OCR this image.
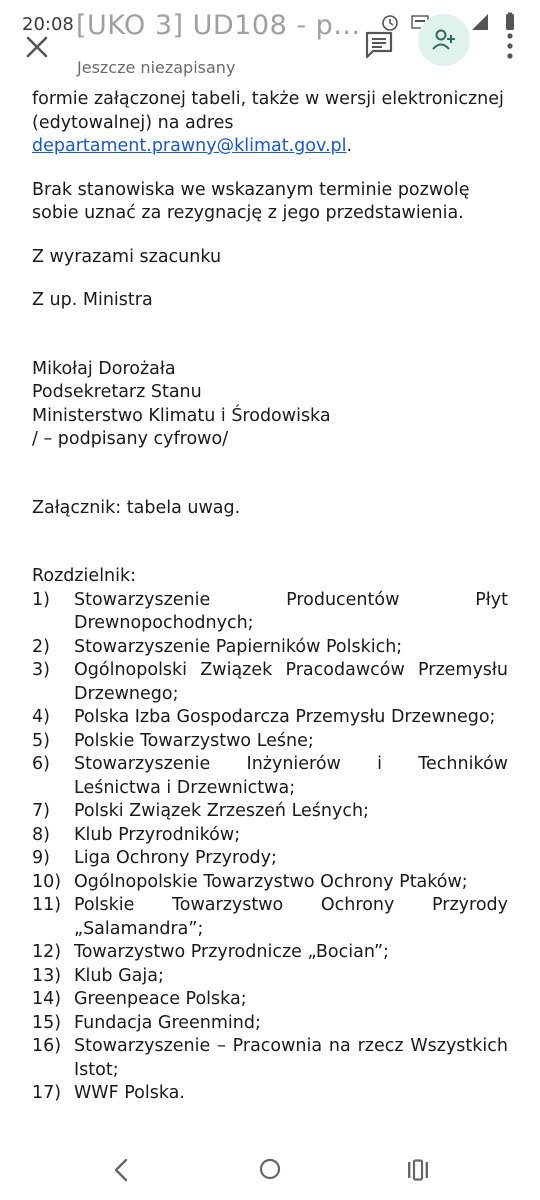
20:08 [UKO 3] UD108 - p...
Jeszcze niezapisany

formie załączonej tabeli, także w wersji elektronicznej (edytowalnej) na adres departament.prawny@klimat.gov.pl.

Brak stanowiska we wskazanym terminie pozwolę sobie uznać za rezygnację z jego przedstawienia.

Z wyrazami szacunku

Z up. Ministra

Mikołaj Dorożała

Podsekretarz Stanu

Ministerstwo Klimatu i Środowiska

/ – podpisany cyfrowo/

Załącznik: tabela uwag.

Rozdzielnik:

1)	Stowarzyszenie Producentów Płyt Drewnopochodnych;
2)	Stowarzyszenie Papierników Polskich;
3)	Ogólnopolski Związek Pracodawców Przemysłu Drzewnego;
4)	Polska Izba Gospodarcza Przemysłu Drzewnego;
5)	Polskie Towarzystwo Leśne;
6)	Stowarzyszenie Inżynierów i Techników Leśnictwa i Drzewnictwa;
7)	Polski Związek Zrzeszeń Leśnych;
8)	Klub Przyrodników;
9)	Liga Ochrony Przyrody;
10) Ogólnopolskie Towarzystwo Ochrony Ptaków;
11) Polskie Towarzystwo Ochrony Przyrody „Salamandra”;
12) Towarzystwo Przyrodnicze „Bocian”;
13) Klub Gaja;
14) Greenpeace Polska;
15) Fundacja Greenmind;
16) Stowarzyszenie – Pracownia na rzecz Wszystkich Istot;
17) WWF Polska.
